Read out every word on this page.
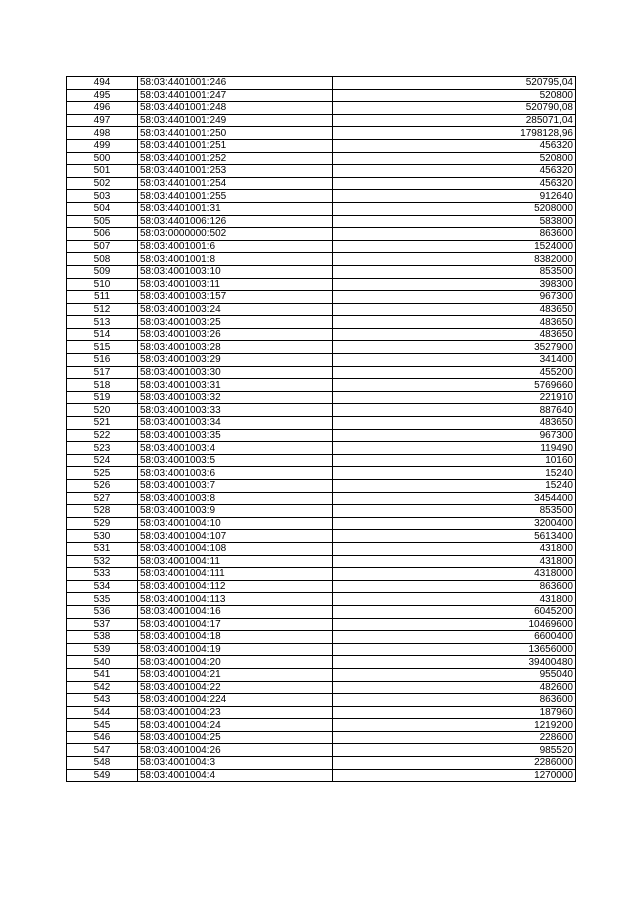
494	58:03:4401001:246	520795,04
495	58:03:4401001:247	520800
496	58:03:4401001:248	520790,08
497	58:03:4401001:249	285071,04
498	58:03:4401001:250	1798128,96
499	58:03:4401001:251	456320
500	58:03:4401001:252	520800
501	58:03:4401001:253	456320
502	58:03:4401001:254	456320
503	58:03:4401001:255	912640
504	58:03:4401001:31	5208000
505	58:03:4401006:126	583800
506	58:03:0000000:502	863600
507	58:03:4001001:6	1524000
508	58:03:4001001:8	8382000
509	58:03:4001003:10	853500
510	58:03:4001003:11	398300
511	58:03:4001003:157	967300
512	58:03:4001003:24	483650
513	58:03:4001003:25	483650
514	58:03:4001003:26	483650
515	58:03:4001003:28	3527900
516	58:03:4001003:29	341400
517	58:03:4001003:30	455200
518	58:03:4001003:31	5769660
519	58:03:4001003:32	221910
520	58:03:4001003:33	887640
521	58:03:4001003:34	483650
522	58:03:4001003:35	967300
523	58:03:4001003:4	119490
524	58:03:4001003:5	10160
525	58:03:4001003:6	15240
526	58:03:4001003:7	15240
527	58:03:4001003:8	3454400
528	58:03:4001003:9	853500
529	58:03:4001004:10	3200400
530	58:03:4001004:107	5613400
531	58:03:4001004:108	431800
532	58:03:4001004:11	431800
533	58:03:4001004:111	4318000
534	58:03:4001004:112	863600
535	58:03:4001004:113	431800
536	58:03:4001004:16	6045200
537	58:03:4001004:17	10469600
538	58:03:4001004:18	6600400
539	58:03:4001004:19	13656000
540	58:03:4001004:20	39400480
541	58:03:4001004:21	955040
542	58:03:4001004:22	482600
543	58:03:4001004:224	863600
544	58:03:4001004:23	187960
545	58:03:4001004:24	1219200
546	58:03:4001004:25	228600
547	58:03:4001004:26	985520
548	58:03:4001004:3	2286000
549	58:03:4001004:4	1270000
